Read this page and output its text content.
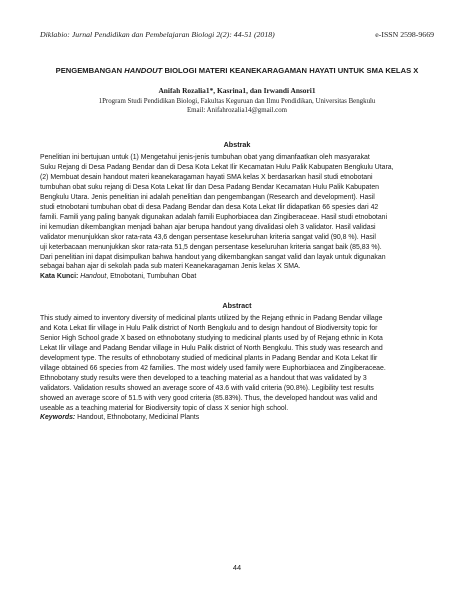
Diklabio: Jurnal Pendidikan dan Pembelajaran Biologi 2(2): 44-51 (2018)	e-ISSN 2598-9669
PENGEMBANGAN HANDOUT BIOLOGI MATERI KEANEKARAGAMAN HAYATI UNTUK SMA KELAS X
Anifah Rozalia1*, Kasrina1, dan Irwandi Ansori1
1Program Studi Pendidikan Biologi, Fakultas Keguruan dan Ilmu Pendidikan, Universitas Bengkulu
Email: Anifahrozalia14@gmail.com
Abstrak
Penelitian ini bertujuan untuk (1) Mengetahui jenis-jenis tumbuhan obat yang dimanfaatkan oleh masyarakat
Suku Rejang di Desa Padang Bendar dan di Desa Kota Lekat Ilir Kecamatan Hulu Palik Kabupaten Bengkulu Utara,
(2) Membuat desain handout materi keanekaragaman hayati SMA kelas X berdasarkan hasil studi etnobotani
tumbuhan obat suku rejang di Desa Kota Lekat Ilir dan Desa Padang Bendar Kecamatan Hulu Palik Kabupaten
Bengkulu Utara. Jenis penelitian ini adalah penelitian dan pengembangan (Research and development). Hasil
studi etnobotani tumbuhan obat di desa Padang Bendar dan desa Kota Lekat Ilir didapatkan 66 spesies dari 42
famili. Famili yang paling banyak digunakan adalah famili Euphorbiacea dan Zingiberaceae. Hasil studi etnobotani
ini kemudian dikembangkan menjadi bahan ajar berupa handout yang divalidasi oleh 3 validator. Hasil validasi
validator menunjukkan skor rata-rata 43,6 dengan persentase keseluruhan kriteria sangat valid (90,8 %). Hasil
uji keterbacaan menunjukkan skor rata-rata 51,5 dengan persentase keseluruhan kriteria sangat baik (85,83 %).
Dari penelitian ini dapat disimpulkan bahwa handout yang dikembangkan sangat valid dan layak untuk digunakan
sebagai bahan ajar di sekolah pada sub materi Keanekaragaman Jenis kelas X SMA.
Kata Kunci: Handout, Etnobotani, Tumbuhan Obat
Abstract
This study aimed to inventory diversity of medicinal plants utilized by the Rejang ethnic in Padang Bendar village
and Kota Lekat Ilir village in Hulu Palik district of North Bengkulu and to design handout of Biodiversity topic for
Senior High School grade X based on ethnobotany studying to medicinal plants used by of Rejang ethnic in Kota
Lekat Ilir village and Padang Bendar village in Hulu Palik district of North Bengkulu. This study was research and
development type. The results of ethnobotany studied of medicinal plants in Padang Bendar and Kota Lekat Ilir
village obtained 66 species from 42 families. The most widely used family were Euphorbiacea and Zingiberaceae.
Ethnobotany study results were then developed to a teaching material as a handout that was validated by 3
validators. Validation results showed an average score of 43.6 with valid criteria (90.8%). Legibility test results
showed an average score of 51.5 with very good criteria (85.83%). Thus, the developed handout was valid and
useable as a teaching material for Biodiversity topic of class X senior high school.
Keywords: Handout, Ethnobotany, Medicinal Plants
44
